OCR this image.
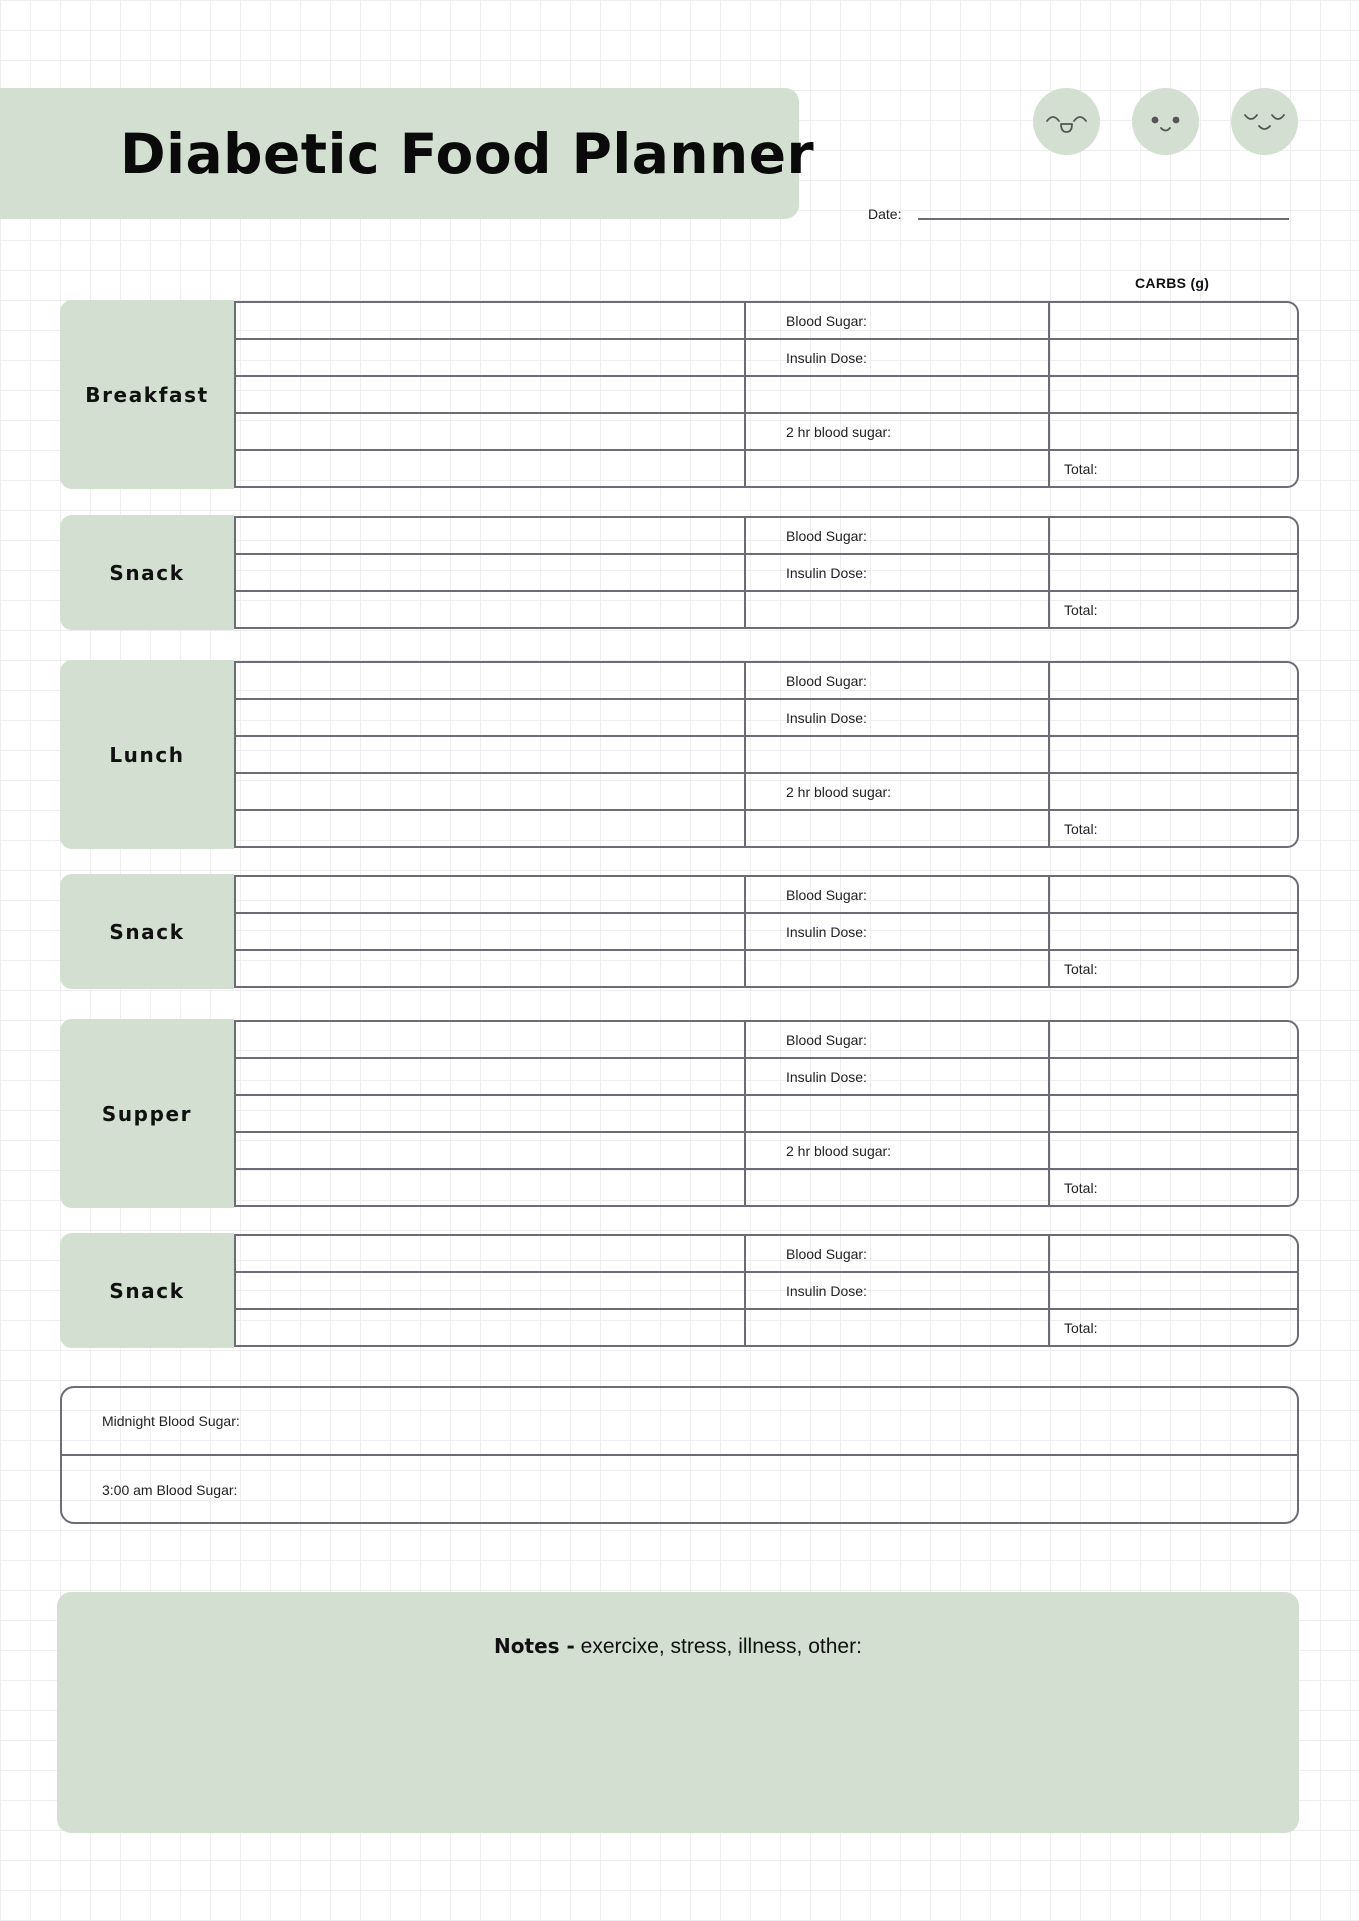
Diabetic Food Planner
Date:
CARBS (g)
Breakfast
Blood Sugar:
Insulin Dose:
2 hr blood sugar:
Total:
Snack
Blood Sugar:
Insulin Dose:
Total:
Lunch
Blood Sugar:
Insulin Dose:
2 hr blood sugar:
Total:
Snack
Blood Sugar:
Insulin Dose:
Total:
Supper
Blood Sugar:
Insulin Dose:
2 hr blood sugar:
Total:
Snack
Blood Sugar:
Insulin Dose:
Total:
Midnight Blood Sugar:
3:00 am Blood Sugar:
Notes - exercixe, stress, illness, other:
